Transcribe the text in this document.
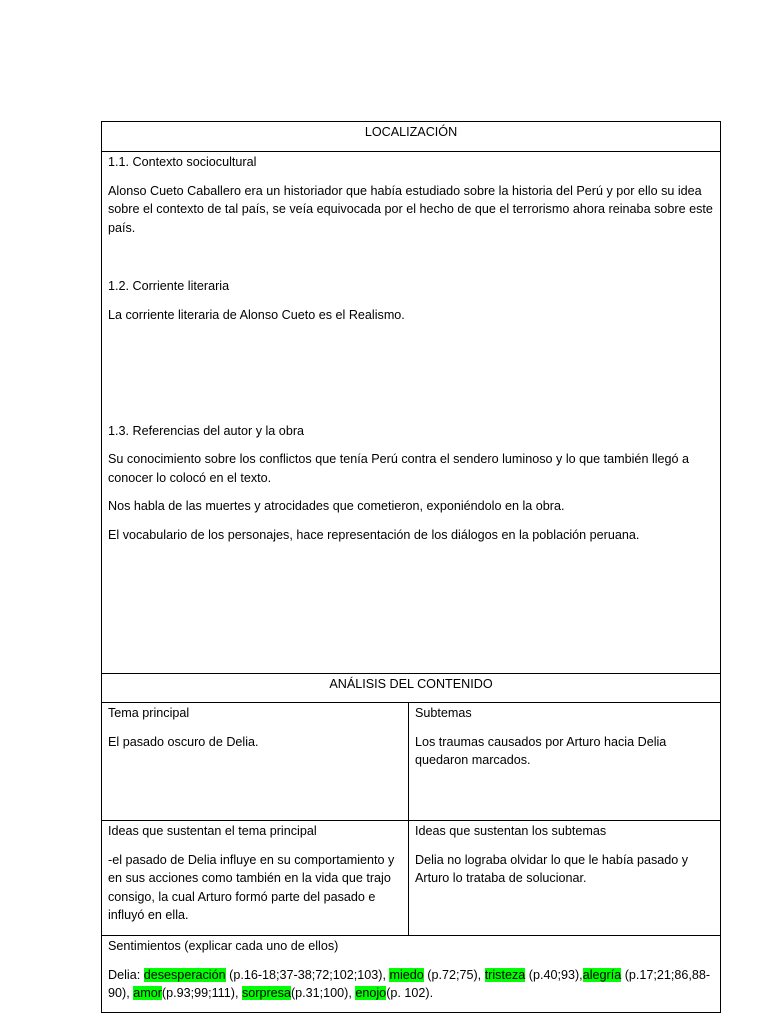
LOCALIZACIÓN

1.1. Contexto sociocultural

Alonso Cueto Caballero era un historiador que había estudiado sobre la historia del Perú y por ello su idea sobre el contexto de tal país, se veía equivocada por el hecho de que el terrorismo ahora reinaba sobre este país.

1.2. Corriente literaria

La corriente literaria de Alonso Cueto es el Realismo.

1.3. Referencias del autor y la obra

Su conocimiento sobre los conflictos que tenía Perú contra el sendero luminoso y lo que también llegó a conocer lo colocó en el texto.

Nos habla de las muertes y atrocidades que cometieron, exponiéndolo en la obra.

El vocabulario de los personajes, hace representación de los diálogos en la población peruana.

ANÁLISIS DEL CONTENIDO

Tema principal

El pasado oscuro de Delia.

Subtemas

Los traumas causados por Arturo hacia Delia quedaron marcados.

Ideas que sustentan el tema principal

-el pasado de Delia influye en su comportamiento y en sus acciones como también en la vida que trajo consigo, la cual Arturo formó parte del pasado e influyó en ella.

Ideas que sustentan los subtemas

Delia no lograba olvidar lo que le había pasado y Arturo lo trataba de solucionar.

Sentimientos (explicar cada uno de ellos)

Delia: desesperación (p.16-18;37-38;72;102;103), miedo (p.72;75), tristeza (p.40;93),alegría (p.17;21;86,88-90), amor(p.93;99;111), sorpresa(p.31;100), enojo(p. 102).
